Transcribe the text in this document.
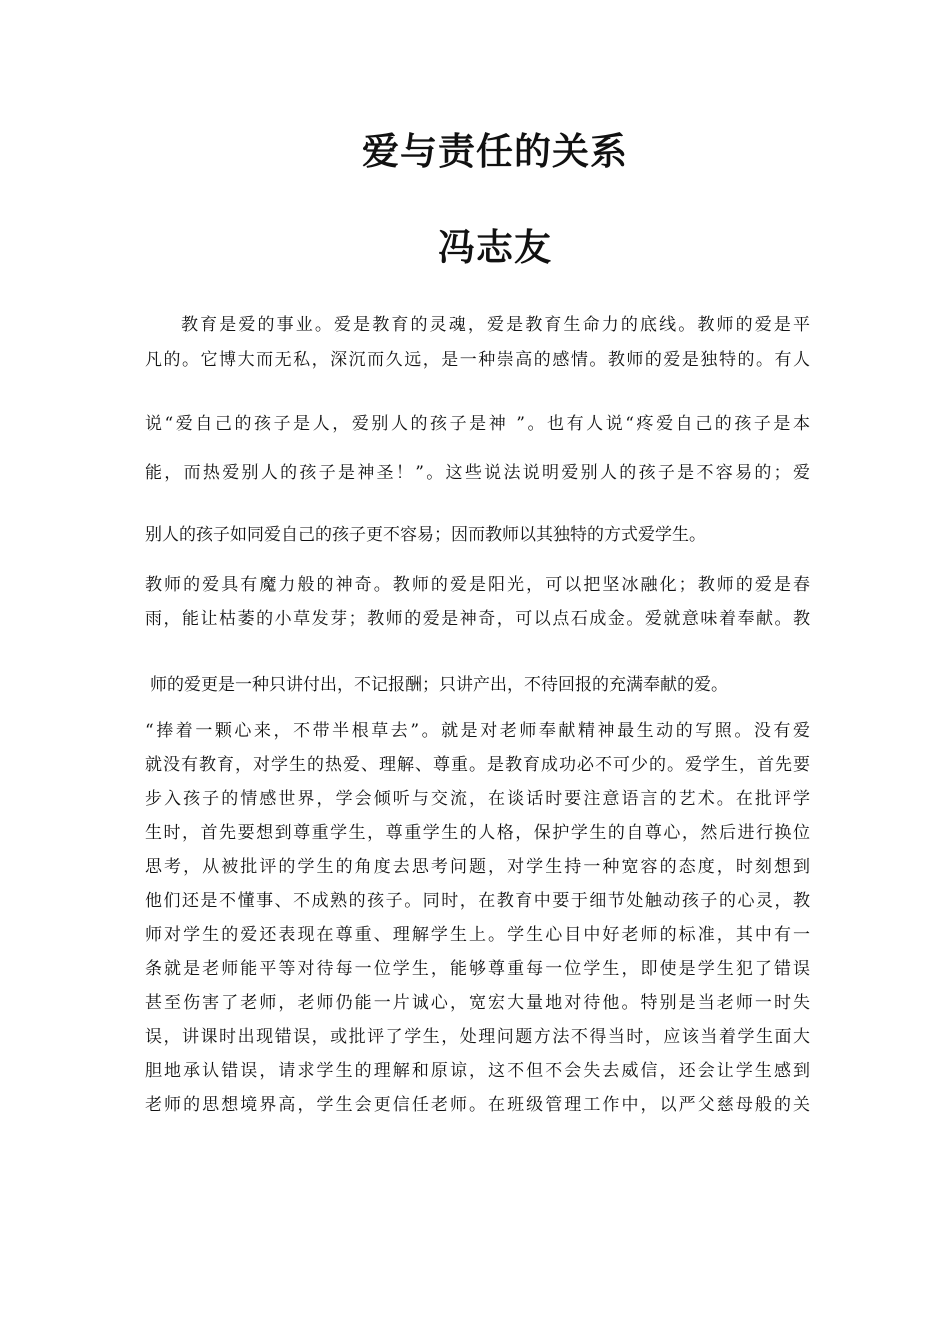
爱与责任的关系
冯志友
教育是爱的事业。爱是教育的灵魂，爱是教育生命力的底线。教师的爱是平
凡的。它博大而无私，深沉而久远，是一种崇高的感情。教师的爱是独特的。有人
说“爱自己的孩子是人，爱别人的孩子是神 ”。也有人说“疼爱自己的孩子是本
能，而热爱别人的孩子是神圣！”。这些说法说明爱别人的孩子是不容易的；爱
别人的孩子如同爱自己的孩子更不容易；因而教师以其独特的方式爱学生。
教师的爱具有魔力般的神奇。教师的爱是阳光，可以把坚冰融化；教师的爱是春
雨，能让枯萎的小草发芽；教师的爱是神奇，可以点石成金。爱就意味着奉献。教
师的爱更是一种只讲付出，不记报酬；只讲产出，不待回报的充满奉献的爱。
“捧着一颗心来，不带半根草去”。就是对老师奉献精神最生动的写照。没有爱
就没有教育，对学生的热爱、理解、尊重。是教育成功必不可少的。爱学生，首先要
步入孩子的情感世界，学会倾听与交流，在谈话时要注意语言的艺术。在批评学
生时，首先要想到尊重学生，尊重学生的人格，保护学生的自尊心，然后进行换位
思考，从被批评的学生的角度去思考问题，对学生持一种宽容的态度，时刻想到
他们还是不懂事、不成熟的孩子。同时，在教育中要于细节处触动孩子的心灵，教
师对学生的爱还表现在尊重、理解学生上。学生心目中好老师的标准，其中有一
条就是老师能平等对待每一位学生，能够尊重每一位学生，即使是学生犯了错误
甚至伤害了老师，老师仍能一片诚心，宽宏大量地对待他。特别是当老师一时失
误，讲课时出现错误，或批评了学生，处理问题方法不得当时，应该当着学生面大
胆地承认错误，请求学生的理解和原谅，这不但不会失去威信，还会让学生感到
老师的思想境界高，学生会更信任老师。在班级管理工作中，以严父慈母般的关
